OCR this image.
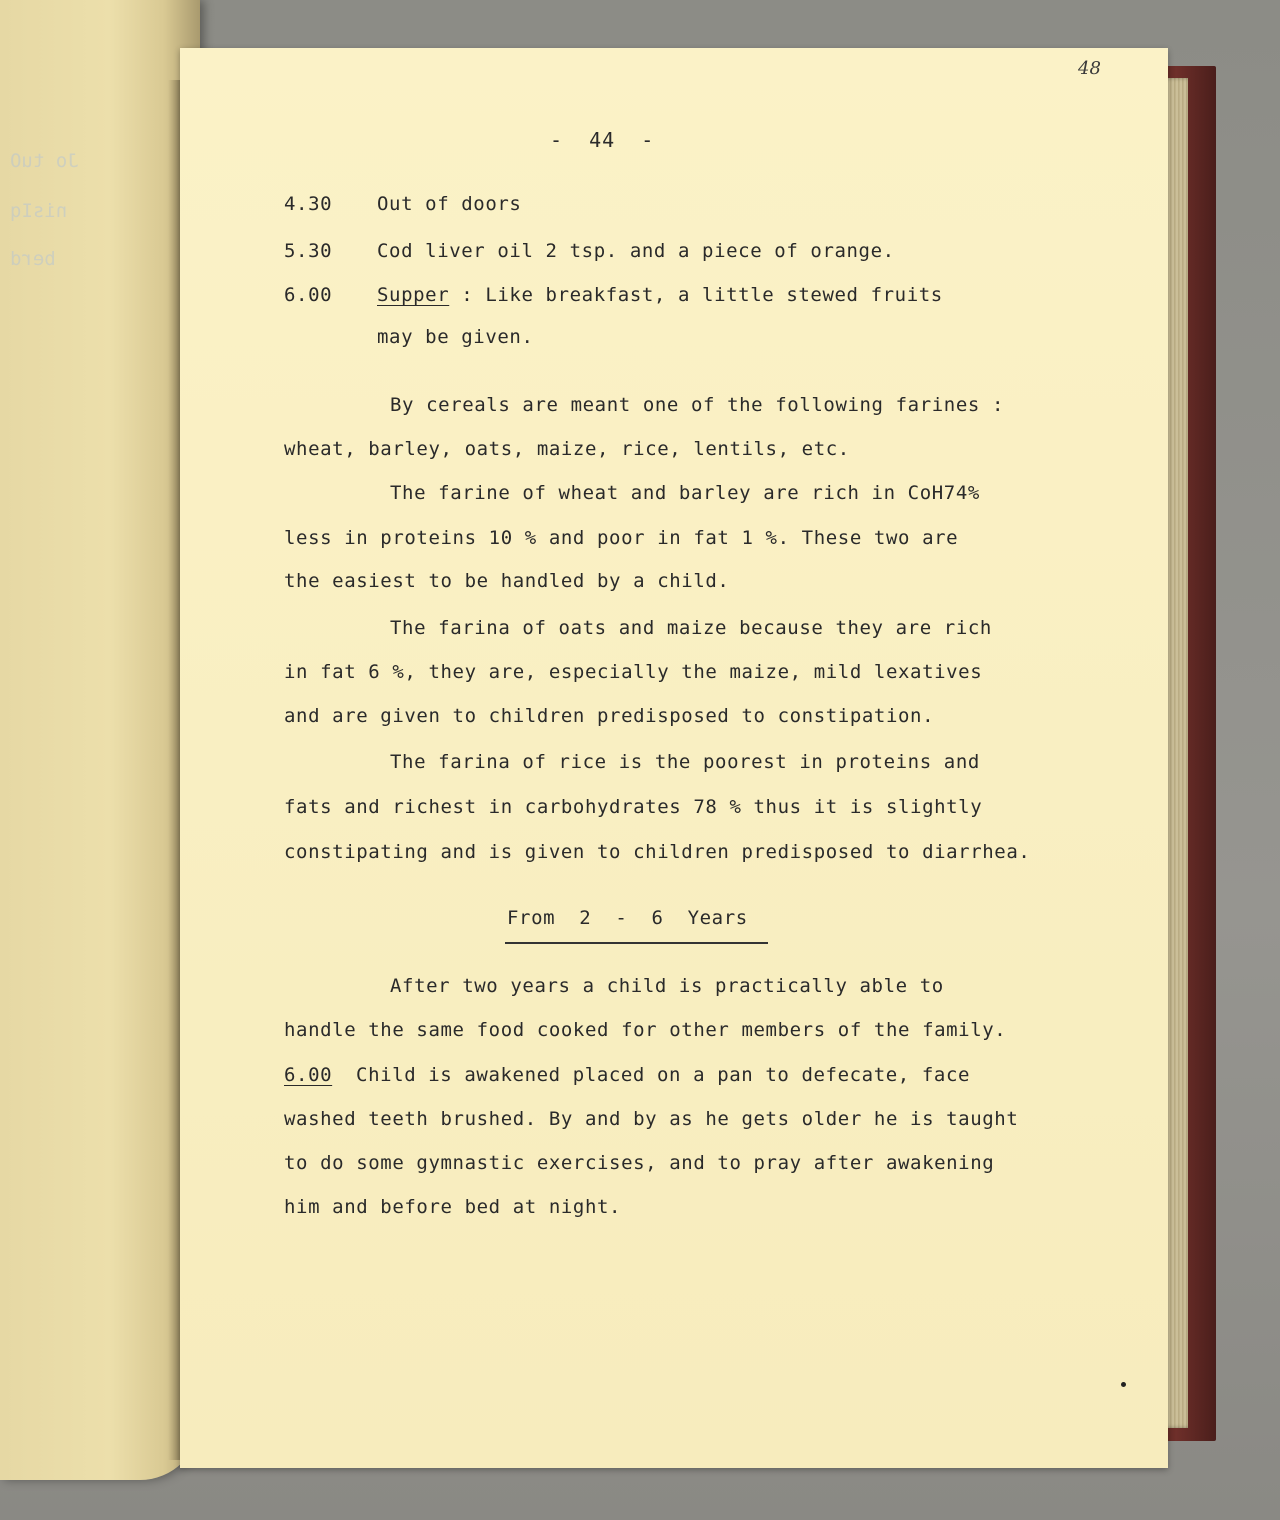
Jo tuO
nisIq
berd
48
-  44  -
4.30 Out of doors
5.30 Cod liver oil 2 tsp. and a piece of orange.
6.00 Supper : Like breakfast, a little stewed fruits
may be given.
By cereals are meant one of the following farines :
wheat, barley, oats, maize, rice, lentils, etc.
The farine of wheat and barley are rich in CoH74%
less in proteins 10 % and poor in fat 1 %. These two are
the easiest to be handled by a child.
The farina of oats and maize because they are rich
in fat 6 %, they are, especially the maize, mild lexatives
and are given to children predisposed to constipation.
The farina of rice is the poorest in proteins and
fats and richest in carbohydrates 78 % thus it is slightly
constipating and is given to children predisposed to diarrhea.
From  2  -  6  Years
After two years a child is practically able to
handle the same food cooked for other members of the family.
6.00 Child is awakened placed on a pan to defecate, face
washed teeth brushed. By and by as he gets older he is taught
to do some gymnastic exercises, and to pray after awakening
him and before bed at night.
